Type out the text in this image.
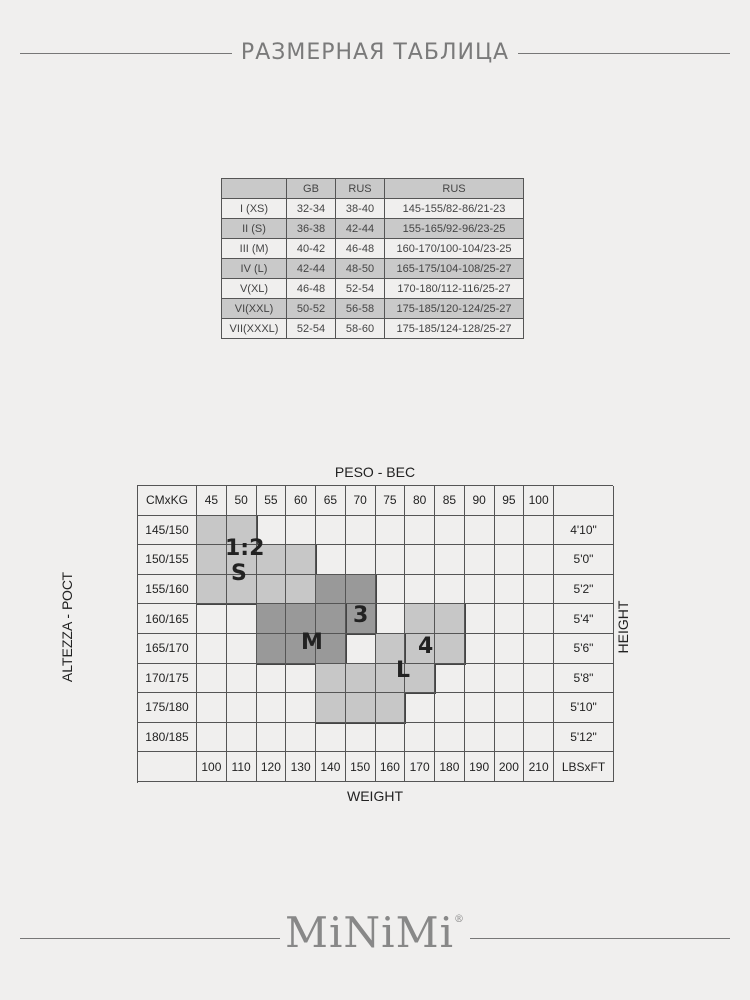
РАЗМЕРНАЯ ТАБЛИЦА
	GB	RUS	RUS
I (XS)	32-34	38-40	145-155/82-86/21-23
II (S)	36-38	42-44	155-165/92-96/23-25
III (M)	40-42	46-48	160-170/100-104/23-25
IV (L)	42-44	48-50	165-175/104-108/25-27
V(XL)	46-48	52-54	170-180/112-116/25-27
VI(XXL)	50-52	56-58	175-185/120-124/25-27
VII(XXXL)	52-54	58-60	175-185/124-128/25-27
PESO - ВЕС
WEIGHT
ALTEZZA - РОСТ	HEIGHT
CMxKG	45	50	55	60	65	70	75	80	85	90	95	100
145/150	4'10"
150/155	5'0"
155/160	5'2"
160/165	5'4"
165/170	5'6"
170/175	5'8"
175/180	5'10"
180/185	5'12"
100 110 120 130 140 150 160 170 180 190 200 210	LBSxFT
1:2
S
3
M	4
L
MiNiMi®
